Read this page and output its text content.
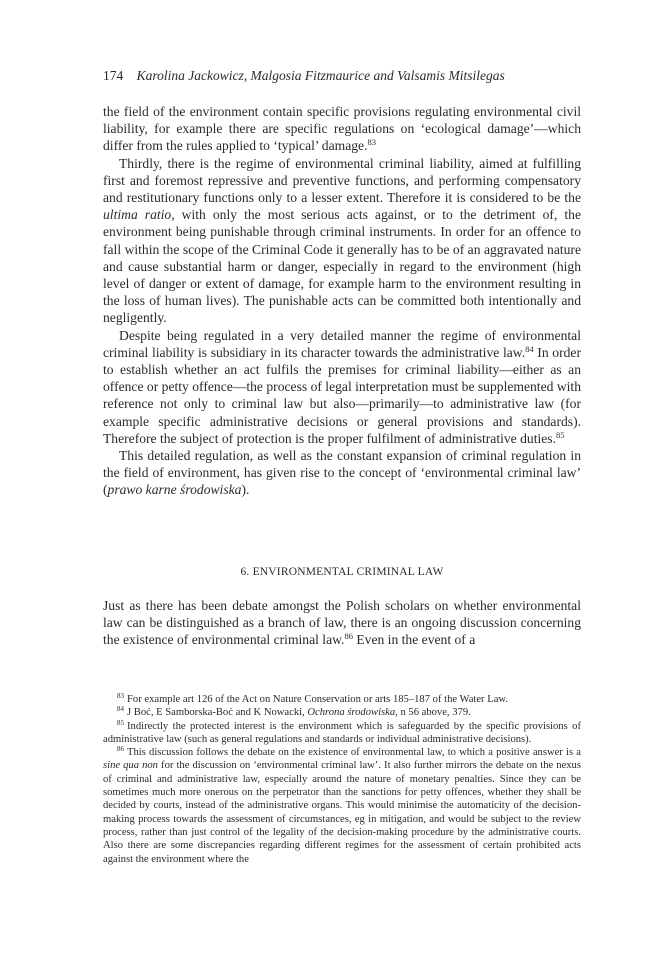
174 Karolina Jackowicz, Malgosia Fitzmaurice and Valsamis Mitsilegas

the field of the environment contain specific provisions regulating environmental civil liability, for example there are specific regulations on ‘ecological damage’—which differ from the rules applied to ‘typical’ damage.$^{83}$

Thirdly, there is the regime of environmental criminal liability, aimed at fulfilling first and foremost repressive and preventive functions, and performing compensatory and restitutionary functions only to a lesser extent. Therefore it is considered to be the ultima ratio, with only the most serious acts against, or to the detriment of, the environment being punishable through criminal instruments. In order for an offence to fall within the scope of the Criminal Code it generally has to be of an aggravated nature and cause substantial harm or danger, especially in regard to the environment (high level of danger or extent of damage, for example harm to the environment resulting in the loss of human lives). The punishable acts can be committed both intentionally and negligently.

Despite being regulated in a very detailed manner the regime of environmental criminal liability is subsidiary in its character towards the administrative law.$^{84}$ In order to establish whether an act fulfils the premises for criminal liability—either as an offence or petty offence—the process of legal interpretation must be supplemented with reference not only to criminal law but also—primarily—to administrative law (for example specific administrative decisions or general provisions and standards). Therefore the subject of protection is the proper fulfilment of administrative duties.$^{85}$

This detailed regulation, as well as the constant expansion of criminal regulation in the field of environment, has given rise to the concept of ‘environmental criminal law’ (prawo karne środowiska).

6. ENVIRONMENTAL CRIMINAL LAW

Just as there has been debate amongst the Polish scholars on whether environmental law can be distinguished as a branch of law, there is an ongoing discussion concerning the existence of environmental criminal law.$^{86}$ Even in the event of a

$^{83}$ For example art 126 of the Act on Nature Conservation or arts 185–187 of the Water Law.

$^{84}$ J Boć, E Samborska-Boć and K Nowacki, Ochrona środowiska, n 56 above, 379.

$^{85}$ Indirectly the protected interest is the environment which is safeguarded by the specific provisions of administrative law (such as general regulations and standards or individual administrative decisions).

$^{86}$ This discussion follows the debate on the existence of environmental law, to which a positive answer is a sine qua non for the discussion on ‘environmental criminal law’. It also further mirrors the debate on the nexus of criminal and administrative law, especially around the nature of monetary penalties. Since they can be sometimes much more onerous on the perpetrator than the sanctions for petty offences, whether they shall be decided by courts, instead of the administrative organs. This would minimise the automaticity of the decision-making process towards the assessment of circumstances, eg in mitigation, and would be subject to the review process, rather than just control of the legality of the decision-making procedure by the administrative courts. Also there are some discrepancies regarding different regimes for the assessment of certain prohibited acts against the environment where the
